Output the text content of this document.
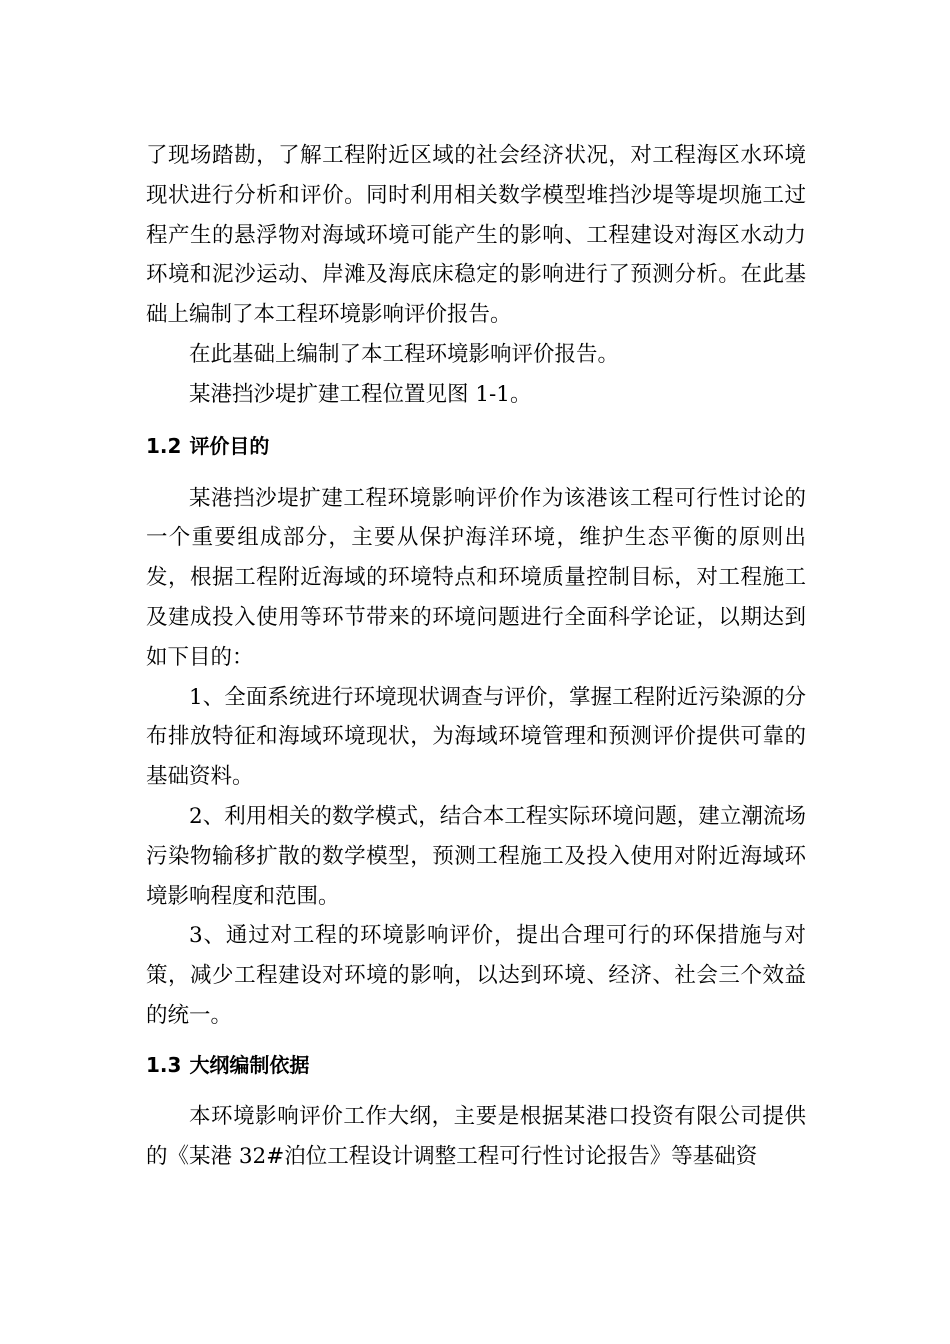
了现场踏勘，了解工程附近区域的社会经济状况，对工程海区水环境现状进行分析和评价。同时利用相关数学模型堆挡沙堤等堤坝施工过程产生的悬浮物对海域环境可能产生的影响、工程建设对海区水动力环境和泥沙运动、岸滩及海底床稳定的影响进行了预测分析。在此基础上编制了本工程环境影响评价报告。

在此基础上编制了本工程环境影响评价报告。

某港挡沙堤扩建工程位置见图 1-1。

1.2 评价目的

某港挡沙堤扩建工程环境影响评价作为该港该工程可行性讨论的一个重要组成部分，主要从保护海洋环境，维护生态平衡的原则出发，根据工程附近海域的环境特点和环境质量控制目标，对工程施工及建成投入使用等环节带来的环境问题进行全面科学论证，以期达到如下目的：

1、全面系统进行环境现状调查与评价，掌握工程附近污染源的分布排放特征和海域环境现状，为海域环境管理和预测评价提供可靠的基础资料。

2、利用相关的数学模式，结合本工程实际环境问题，建立潮流场污染物输移扩散的数学模型，预测工程施工及投入使用对附近海域环境影响程度和范围。

3、通过对工程的环境影响评价，提出合理可行的环保措施与对策，减少工程建设对环境的影响，以达到环境、经济、社会三个效益的统一。

1.3 大纲编制依据

本环境影响评价工作大纲，主要是根据某港口投资有限公司提供的《某港 32#泊位工程设计调整工程可行性讨论报告》等基础资
